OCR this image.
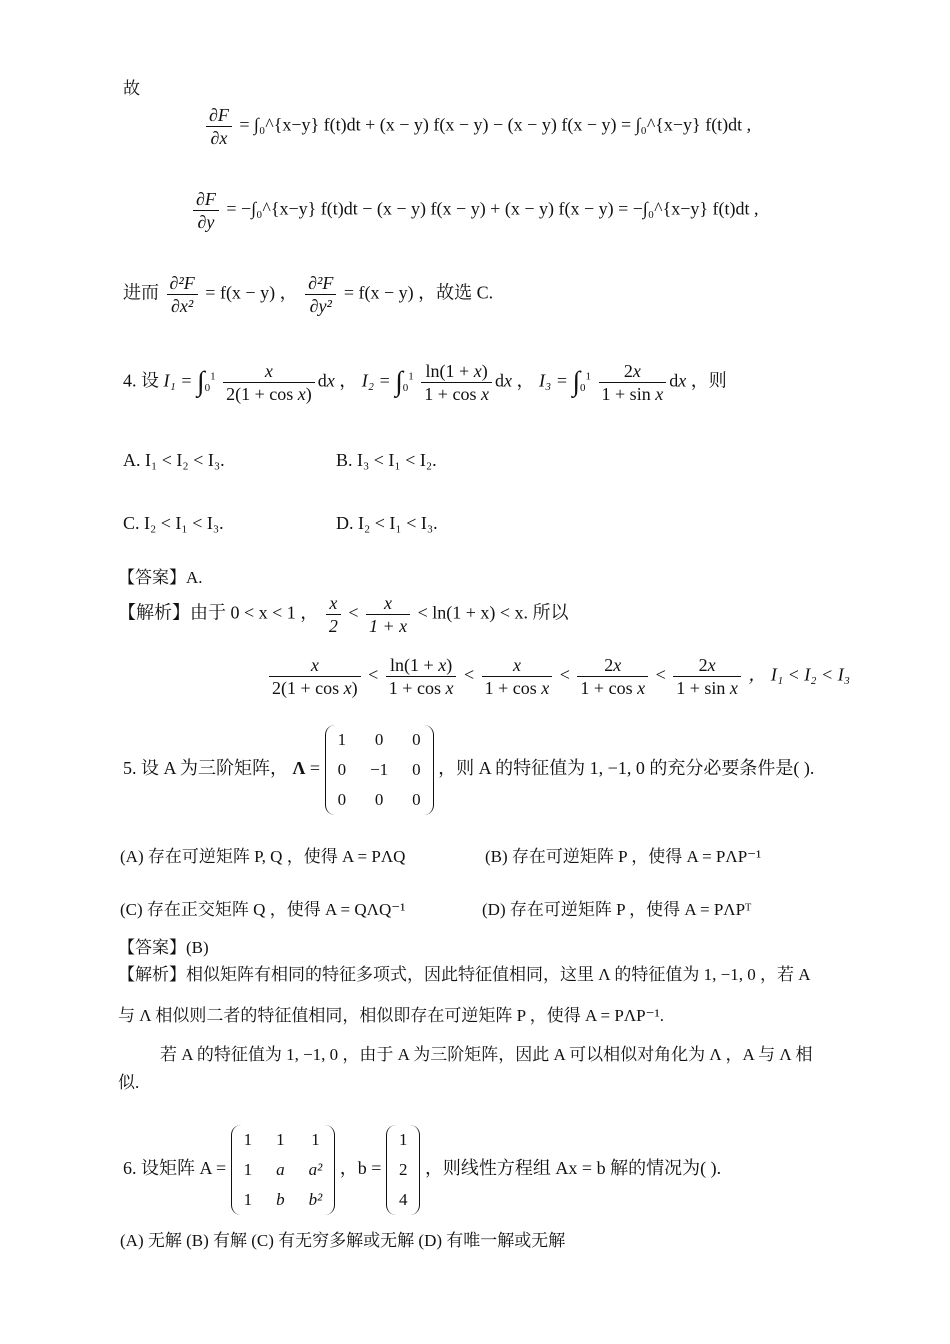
故
$\frac{\partial F}{\partial x}$ = ∫₀^{x−y} f(t)dt + (x − y) f(x − y) − (x − y) f(x − y) = ∫₀^{x−y} f(t)dt ,
$\frac{\partial F}{\partial y}$ = −∫₀^{x−y} f(t)dt − (x − y) f(x − y) + (x − y) f(x − y) = −∫₀^{x−y} f(t)dt ,
进而 $\frac{\text{∂²F}}{\text{∂x²}} = f(x - y)$ ， $\frac{\text{∂²F}}{\text{∂y²}} = f(x - y)$ ，故选 C.
4. 设 $I_1 = \int_0^1 \frac{x}{\text{2(1 + cos x)}}$ dx ， $I_2 = \int_0^1 \frac{\ln(1 + x)}{\text{1 + cos x}}$ dx ， $I_3 = \int_0^1 \frac{2x}{\text{1 + sin x}}$ dx ，则
A. I₁ < I₂ < I₃.	B. I₃ < I₁ < I₂.
C. I₂ < I₁ < I₃.	D. I₂ < I₁ < I₃.
【答案】A.
【解析】由于 0 < x < 1 ， $\frac{x}{2} < \frac{x}{1 + x} < \ln(1 + x) < x$. 所以
$\frac{x}{\text{2(1 + cos x)}} < \frac{\ln(1 + x)}{\text{1 + cos x}} < \frac{x}{\text{1 + cos x}} < \frac{2x}{\text{1 + cos x}} < \frac{2x}{\text{1 + sin x}}$ ， I₁ < I₂ < I₃
5. 设 A 为三阶矩阵， Λ =
1	0	0
0	−1	0
0	0	0
，则 A 的特征值为 1, −1, 0 的充分必要条件是( ).
(A) 存在可逆矩阵 P, Q ，使得 A = PΛQ	(B) 存在可逆矩阵 P ，使得 A = PΛP⁻¹
(C) 存在正交矩阵 Q ，使得 A = QΛQ⁻¹	(D) 存在可逆矩阵 P ，使得 A = PΛPᵀ
【答案】(B)
【解析】相似矩阵有相同的特征多项式，因此特征值相同，这里 Λ 的特征值为 1, −1, 0 ，若 A
与 Λ 相似则二者的特征值相同，相似即存在可逆矩阵 P ，使得 A = PΛP⁻¹.
若 A 的特征值为 1, −1, 0 ，由于 A 为三阶矩阵，因此 A 可以相似对角化为 Λ ，A 与 Λ 相
似.
6. 设矩阵 A =
1	1	1
1	a	a²
1	b	b²
，b =
1
2
4
，则线性方程组 Ax = b 解的情况为( ).
(A) 无解 (B) 有解 (C) 有无穷多解或无解 (D) 有唯一解或无解
